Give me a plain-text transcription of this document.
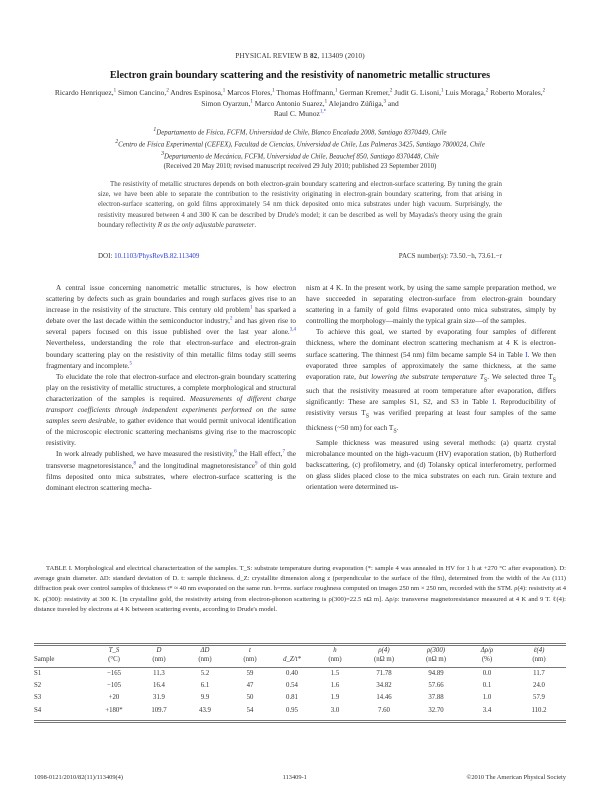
PHYSICAL REVIEW B 82, 113409 (2010)
Electron grain boundary scattering and the resistivity of nanometric metallic structures
Ricardo Henriquez,$^1$ Simon Cancino,$^2$ Andres Espinosa,$^1$ Marcos Flores,$^1$ Thomas Hoffmann,$^1$ German Kremer,$^2$ Judit G. Lisoni,$^1$ Luis Moraga,$^2$ Roberto Morales,$^2$ Simon Oyarzun,$^1$ Marco Antonio Suarez,$^1$ Alejandro Zúñiga,$^3$ and
Raul C. Munoz$^{1,*}$
$^1$Departamento de Física, FCFM, Universidad de Chile, Blanco Encalada 2008, Santiago 8370449, Chile
$^2$Centro de Física Experimental (CEFEX), Facultad de Ciencias, Universidad de Chile, Las Palmeras 3425, Santiago 7800024, Chile
$^3$Departamento de Mecánica, FCFM, Universidad de Chile, Beauchef 850, Santiago 8370448, Chile
(Received 20 May 2010; revised manuscript received 29 July 2010; published 23 September 2010)
The resistivity of metallic structures depends on both electron-grain boundary scattering and electron-surface scattering. By tuning the grain size, we have been able to separate the contribution to the resistivity originating in electron-grain boundary scattering, from that arising in electron-surface scattering, on gold films approximately 54 nm thick deposited onto mica substrates under high vacuum. Surprisingly, the resistivity measured between 4 and 300 K can be described by Drude's model; it can be described as well by Mayadas's theory using the grain boundary reflectivity R as the only adjustable parameter.
DOI: 10.1103/PhysRevB.82.113409	PACS number(s): 73.50.−h, 73.61.−r

A central issue concerning nanometric metallic structures, is how electron scattering by defects such as grain boundaries and rough surfaces gives rise to an increase in the resistivity of the structure. This century old problem$^1$ has sparked a debate over the last decade within the semiconductor industry,$^2$ and has given rise to several papers focused on this issue published over the last year alone.$^{3,4}$ Nevertheless, understanding the role that electron-surface and electron-grain boundary scattering play on the resistivity of thin metallic films today still seems fragmentary and incomplete.$^5$

To elucidate the role that electron-surface and electron-grain boundary scattering play on the resistivity of metallic structures, a complete morphological and structural characterization of the samples is required. Measurements of different charge transport coefficients through independent experiments performed on the same samples seem desirable, to gather evidence that would permit univocal identification of the microscopic electronic scattering mechanisms giving rise to the macroscopic resistivity.

In work already published, we have measured the resistivity,$^6$ the Hall effect,$^7$ the transverse magnetoresistance,$^8$ and the longitudinal magnetoresistance$^9$ of thin gold films deposited onto mica substrates, where electron-surface scattering is the dominant electron scattering mecha-

nism at 4 K. In the present work, by using the same sample preparation method, we have succeeded in separating electron-surface from electron-grain boundary scattering in a family of gold films evaporated onto mica substrates, simply by controlling the morphology—mainly the typical grain size—of the samples.

To achieve this goal, we started by evaporating four samples of different thickness, where the dominant electron scattering mechanism at 4 K is electron-surface scattering. The thinnest (54 nm) film became sample S4 in Table I. We then evaporated three samples of approximately the same thickness, at the same evaporation rate, but lowering the substrate temperature $T_S$. We selected three $T_S$ such that the resistivity measured at room temperature after evaporation, differs significantly: These are samples S1, S2, and S3 in Table I. Reproducibility of resistivity versus $T_S$ was verified preparing at least four samples of the same thickness (~50 nm) for each $T_S$.

Sample thickness was measured using several methods: (a) quartz crystal microbalance mounted on the high-vacuum (HV) evaporation station, (b) Rutherford backscattering, (c) profilometry, and (d) Tolansky optical interferometry, performed on glass slides placed close to the mica substrates on each run. Grain texture and orientation were determined us-

TABLE I. Morphological and electrical characterization of the samples. T_S: substrate temperature during evaporation (*: sample 4 was annealed in HV for 1 h at +270 °C after evaporation). D: average grain diameter. ΔD: standard deviation of D. t: sample thickness. d_Z: crystallite dimension along z (perpendicular to the surface of the film), determined from the width of the Au (111) diffraction peak over control samples of thickness t* ≈ 40 nm evaporated on the same run. h=rms. surface roughness computed on images 250 nm × 250 nm, recorded with the STM. ρ(4): resistivity at 4 K. ρ(300): resistivity at 300 K. [In crystalline gold, the resistivity arising from electron-phonon scattering is ρ(300)=22.5 nΩ m]. Δρ/ρ: transverse magnetoresistance measured at 4 K and 9 T. ℓ(4): distance traveled by electrons at 4 K between scattering events, according to Drude's model.
	T_S	D	ΔD	t		h	ρ(4)	ρ(300)	Δρ/ρ	ℓ(4)
Sample	(°C)	(nm)	(nm)	(nm)	d_Z/t*	(nm)	(nΩ m)	(nΩ m)	(%)	(nm)

S1	−165	11.3	5.2	59	0.40	1.5	71.78	94.89	0.0	11.7
S2	−105	16.4	6.1	47	0.54	1.6	34.82	57.66	0.1	24.0
S3	+20	31.9	9.9	50	0.81	1.9	14.46	37.88	1.0	57.9
S4	+180*	109.7	43.9	54	0.95	3.0	7.60	32.70	3.4	110.2
1098-0121/2010/82(11)/113409(4)	113409-1	©2010 The American Physical Society
